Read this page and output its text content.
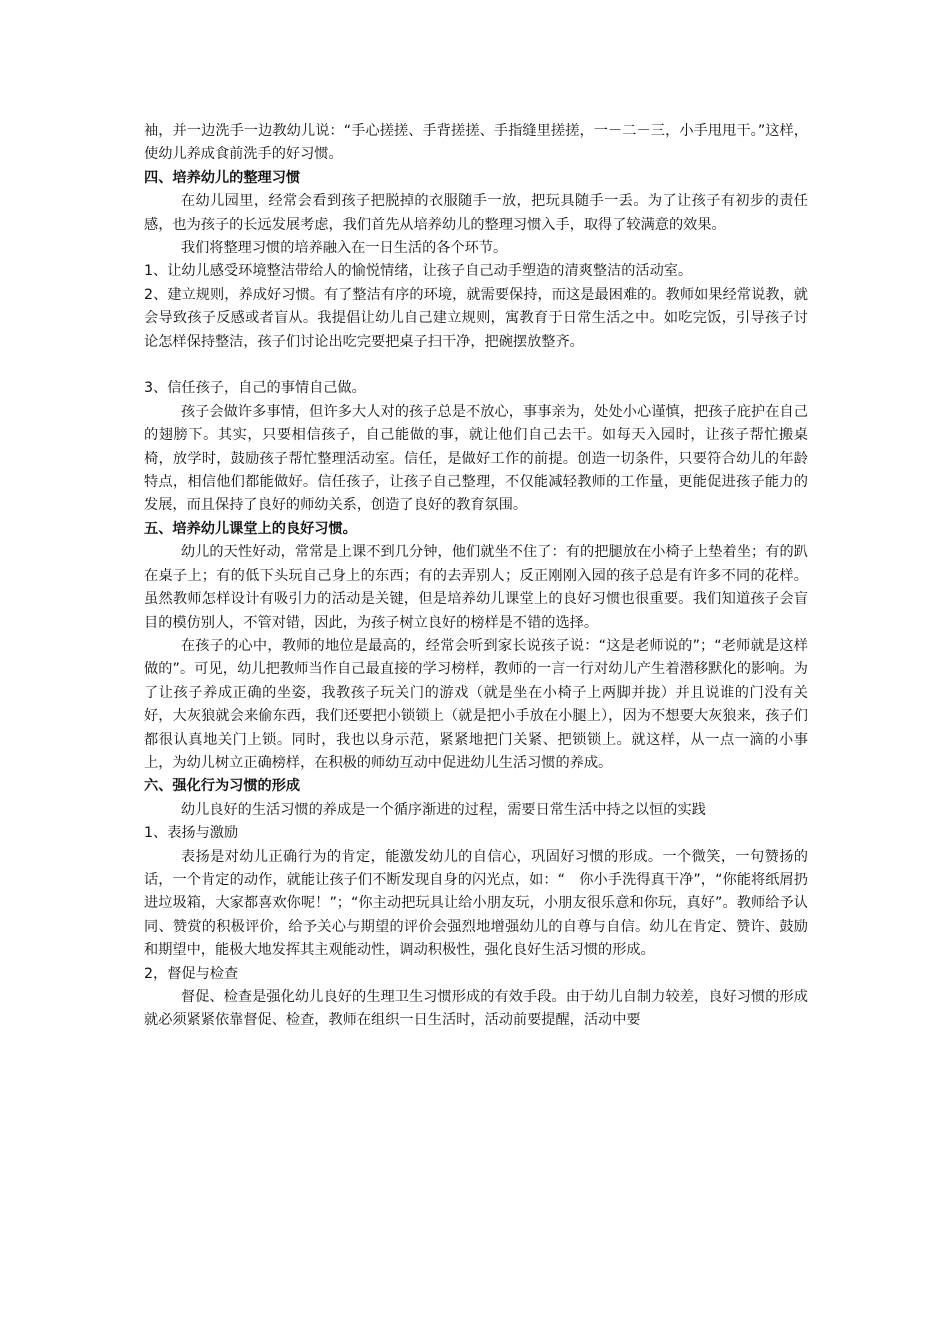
袖，并一边洗手一边教幼儿说：“手心搓搓、手背搓搓、手指缝里搓搓，一－二－三，小手甩甩干。”这样，使幼儿养成食前洗手的好习惯。

四、培养幼儿的整理习惯

在幼儿园里，经常会看到孩子把脱掉的衣服随手一放，把玩具随手一丢。为了让孩子有初步的责任感，也为孩子的长远发展考虑，我们首先从培养幼儿的整理习惯入手，取得了较满意的效果。

我们将整理习惯的培养融入在一日生活的各个环节。

1、让幼儿感受环境整洁带给人的愉悦情绪，让孩子自己动手塑造的清爽整洁的活动室。

2、建立规则，养成好习惯。有了整洁有序的环境，就需要保持，而这是最困难的。教师如果经常说教，就会导致孩子反感或者盲从。我提倡让幼儿自己建立规则，寓教育于日常生活之中。如吃完饭，引导孩子讨论怎样保持整洁，孩子们讨论出吃完要把桌子扫干净，把碗摆放整齐。

3、信任孩子，自己的事情自己做。

孩子会做许多事情，但许多大人对的孩子总是不放心，事事亲为，处处小心谨慎，把孩子庇护在自己的翅膀下。其实，只要相信孩子，自己能做的事，就让他们自己去干。如每天入园时，让孩子帮忙搬桌椅，放学时，鼓励孩子帮忙整理活动室。信任，是做好工作的前提。创造一切条件，只要符合幼儿的年龄特点，相信他们都能做好。信任孩子，让孩子自己整理，不仅能减轻教师的工作量，更能促进孩子能力的发展，而且保持了良好的师幼关系，创造了良好的教育氛围。

五、培养幼儿课堂上的良好习惯。

幼儿的天性好动，常常是上课不到几分钟，他们就坐不住了：有的把腿放在小椅子上垫着坐；有的趴在桌子上；有的低下头玩自己身上的东西；有的去弄别人；反正刚刚入园的孩子总是有许多不同的花样。虽然教师怎样设计有吸引力的活动是关键，但是培养幼儿课堂上的良好习惯也很重要。我们知道孩子会盲目的模仿别人，不管对错，因此，为孩子树立良好的榜样是不错的选择。

在孩子的心中，教师的地位是最高的，经常会听到家长说孩子说：“这是老师说的”；“老师就是这样做的”。可见，幼儿把教师当作自己最直接的学习榜样，教师的一言一行对幼儿产生着潜移默化的影响。为了让孩子养成正确的坐姿，我教孩子玩关门的游戏（就是坐在小椅子上两脚并拢）并且说谁的门没有关好，大灰狼就会来偷东西，我们还要把小锁锁上（就是把小手放在小腿上），因为不想要大灰狼来，孩子们都很认真地关门上锁。同时，我也以身示范，紧紧地把门关紧、把锁锁上。就这样，从一点一滴的小事上，为幼儿树立正确榜样，在积极的师幼互动中促进幼儿生活习惯的养成。

六、强化行为习惯的形成

幼儿良好的生活习惯的养成是一个循序渐进的过程，需要日常生活中持之以恒的实践

1、表扬与激励

表扬是对幼儿正确行为的肯定，能激发幼儿的自信心，巩固好习惯的形成。一个微笑，一句赞扬的话，一个肯定的动作，就能让孩子们不断发现自身的闪光点，如：“　你小手洗得真干净”，“你能将纸屑扔进垃圾箱，大家都喜欢你呢！”；“你主动把玩具让给小朋友玩，小朋友很乐意和你玩，真好”。教师给予认同、赞赏的积极评价，给予关心与期望的评价会强烈地增强幼儿的自尊与自信。幼儿在肯定、赞许、鼓励和期望中，能极大地发挥其主观能动性，调动积极性，强化良好生活习惯的形成。

2，督促与检查

督促、检查是强化幼儿良好的生理卫生习惯形成的有效手段。由于幼儿自制力较差，良好习惯的形成就必须紧紧依靠督促、检查，教师在组织一日生活时，活动前要提醒，活动中要
